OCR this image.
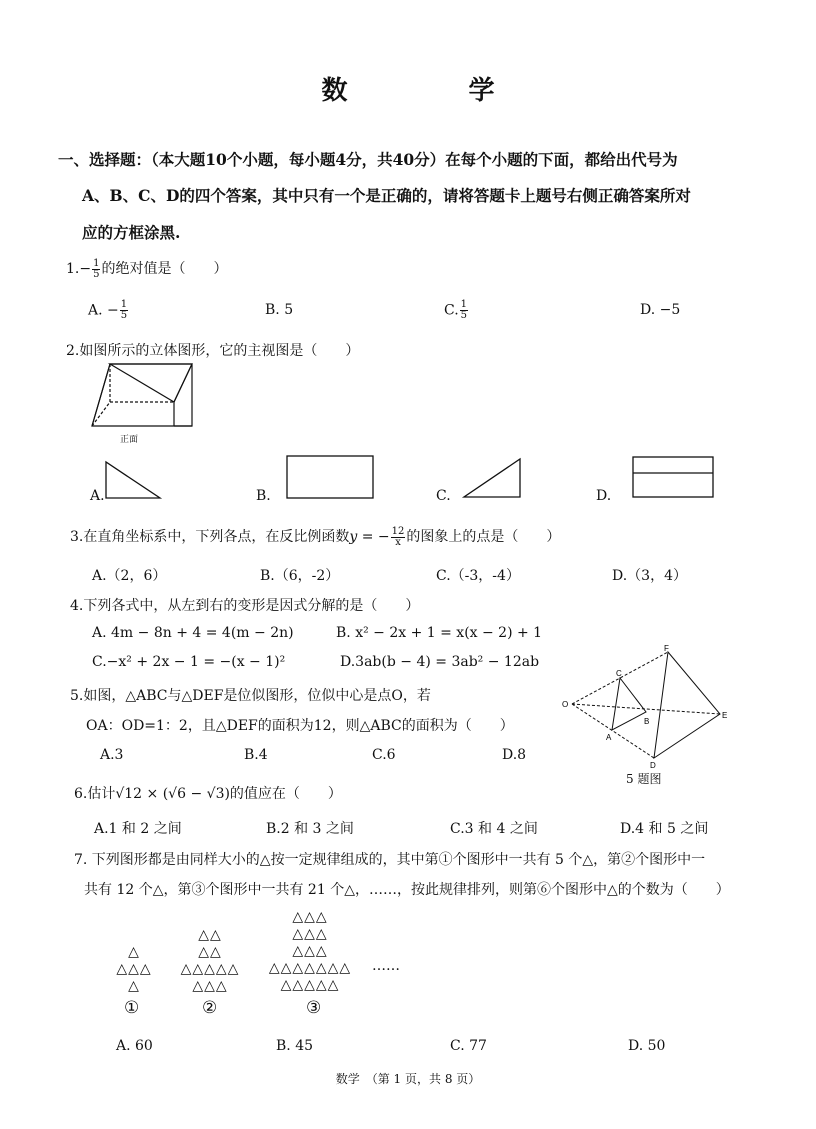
数 学
一、选择题：（本大题10个小题，每小题4分，共40分）在每个小题的下面，都给出代号为
A、B、C、D的四个答案，其中只有一个是正确的，请将答题卡上题号右侧正确答案所对
应的方框涂黑.
$1.- \frac{1}{5}$ 的绝对值是（　　）
A. − $\frac{1}{5}$	B. 5	C. $\frac{1}{5}$	D. −5
2.如图所示的立体图形，它的主视图是（　　）
正面
A.	B.	C.	D.
3.在直角坐标系中，下列各点，在反比例函数y = − $\frac{12}{x}$ 的图象上的点是（　　）
A.（2，6）	B.（6，-2）	C.（-3，-4）	D.（3，4）
4.下列各式中，从左到右的变形是因式分解的是（　　）
A. 4m − 8n + 4 = 4(m − 2n)	B. x² − 2x + 1 = x(x − 2) + 1
C.−x² + 2x − 1 = −(x − 1)²	D.3ab(b − 4) = 3ab² − 12ab
5.如图，△ABC与△DEF是位似图形，位似中心是点O，若
OA：OD=1：2，且△DEF的面积为12，则△ABC的面积为（　　）
A.3	B.4	C.6	D.8
O
C
B
A
F
E
D
5 题图
6.估计√12 × (√6 − √3)的值应在（　　）
A.1 和 2 之间	B.2 和 3 之间	C.3 和 4 之间	D.4 和 5 之间
7. 下列图形都是由同样大小的△按一定规律组成的，其中第①个图形中一共有 5 个△，第②个图形中一
共有 12 个△，第③个图形中一共有 21 个△，……，按此规律排列，则第⑥个图形中△的个数为（　　）
△
△△△
△
①
△△
△△
△△△△△
△△△
②
△△△
△△△
△△△
△△△△△△△
△△△△△
③
……
A. 60	B. 45	C. 77	D. 50
数学　（第 1 页，共 8 页）
